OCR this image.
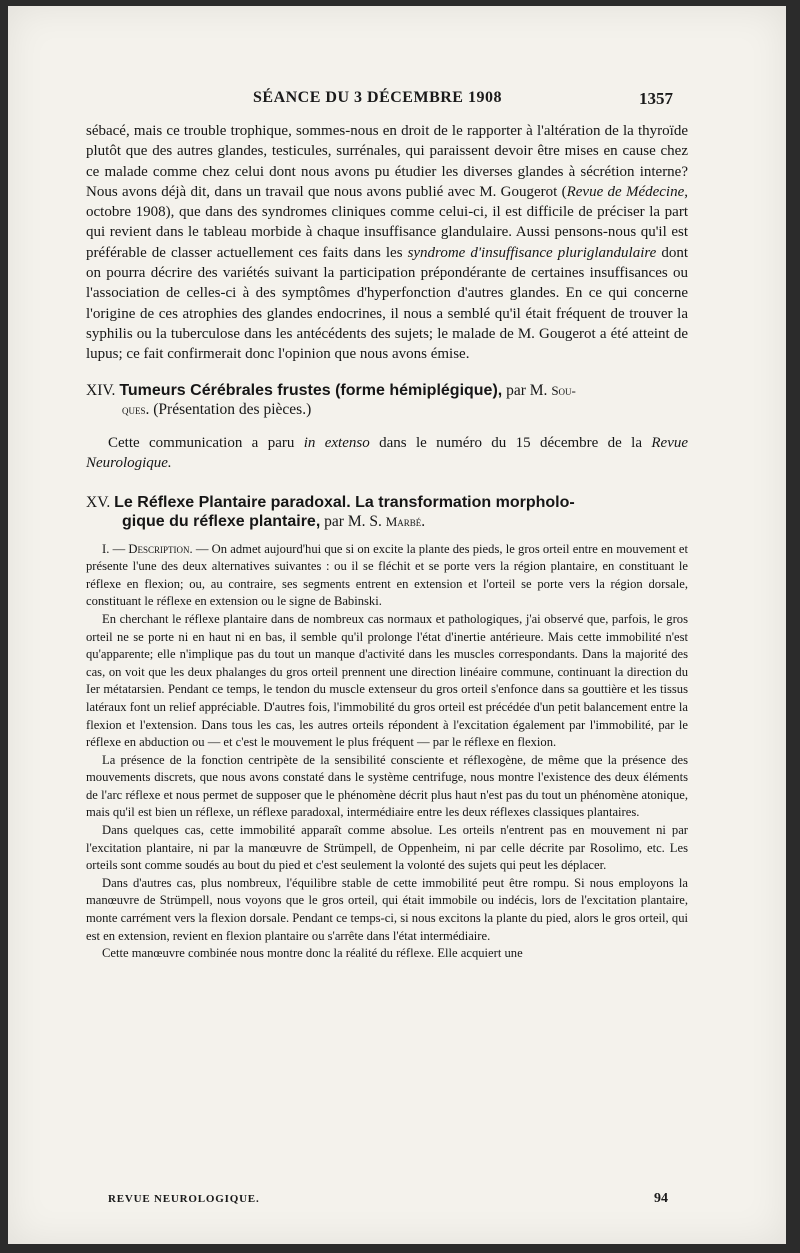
SÉANCE DU 3 DÉCEMBRE 1908	1357

sébacé, mais ce trouble trophique, sommes-nous en droit de le rapporter à l'altération de la thyroïde plutôt que des autres glandes, testicules, surrénales, qui paraissent devoir être mises en cause chez ce malade comme chez celui dont nous avons pu étudier les diverses glandes à sécrétion interne? Nous avons déjà dit, dans un travail que nous avons publié avec M. Gougerot (Revue de Médecine, octobre 1908), que dans des syndromes cliniques comme celui-ci, il est difficile de préciser la part qui revient dans le tableau morbide à chaque insuffisance glandulaire. Aussi pensons-nous qu'il est préférable de classer actuellement ces faits dans les syndrome d'insuffisance pluriglandulaire dont on pourra décrire des variétés suivant la participation prépondérante de certaines insuffisances ou l'association de celles-ci à des symptômes d'hyperfonction d'autres glandes. En ce qui concerne l'origine de ces atrophies des glandes endocrines, il nous a semblé qu'il était fréquent de trouver la syphilis ou la tuberculose dans les antécédents des sujets; le malade de M. Gougerot a été atteint de lupus; ce fait confirmerait donc l'opinion que nous avons émise.

XIV. Tumeurs Cérébrales frustes (forme hémiplégique), par M. Sou-
ques. (Présentation des pièces.)

Cette communication a paru in extenso dans le numéro du 15 décembre de la Revue Neurologique.

XV. Le Réflexe Plantaire paradoxal. La transformation morpholo-
gique du réflexe plantaire, par M. S. Marbé.

I. — Description. — On admet aujourd'hui que si on excite la plante des pieds, le gros orteil entre en mouvement et présente l'une des deux alternatives suivantes : ou il se fléchit et se porte vers la région plantaire, en constituant le réflexe en flexion; ou, au contraire, ses segments entrent en extension et l'orteil se porte vers la région dorsale, constituant le réflexe en extension ou le signe de Babinski.

En cherchant le réflexe plantaire dans de nombreux cas normaux et pathologiques, j'ai observé que, parfois, le gros orteil ne se porte ni en haut ni en bas, il semble qu'il prolonge l'état d'inertie antérieure. Mais cette immobilité n'est qu'apparente; elle n'implique pas du tout un manque d'activité dans les muscles correspondants. Dans la majorité des cas, on voit que les deux phalanges du gros orteil prennent une direction linéaire commune, continuant la direction du Ier métatarsien. Pendant ce temps, le tendon du muscle extenseur du gros orteil s'enfonce dans sa gouttière et les tissus latéraux font un relief appréciable. D'autres fois, l'immobilité du gros orteil est précédée d'un petit balancement entre la flexion et l'extension. Dans tous les cas, les autres orteils répondent à l'excitation également par l'immobilité, par le réflexe en abduction ou — et c'est le mouvement le plus fréquent — par le réflexe en flexion.

La présence de la fonction centripète de la sensibilité consciente et réflexogène, de même que la présence des mouvements discrets, que nous avons constaté dans le système centrifuge, nous montre l'existence des deux éléments de l'arc réflexe et nous permet de supposer que le phénomène décrit plus haut n'est pas du tout un phénomène atonique, mais qu'il est bien un réflexe, un réflexe paradoxal, intermédiaire entre les deux réflexes classiques plantaires.

Dans quelques cas, cette immobilité apparaît comme absolue. Les orteils n'entrent pas en mouvement ni par l'excitation plantaire, ni par la manœuvre de Strümpell, de Oppenheim, ni par celle décrite par Rosolimo, etc. Les orteils sont comme soudés au bout du pied et c'est seulement la volonté des sujets qui peut les déplacer.

Dans d'autres cas, plus nombreux, l'équilibre stable de cette immobilité peut être rompu. Si nous employons la manœuvre de Strümpell, nous voyons que le gros orteil, qui était immobile ou indécis, lors de l'excitation plantaire, monte carrément vers la flexion dorsale. Pendant ce temps-ci, si nous excitons la plante du pied, alors le gros orteil, qui est en extension, revient en flexion plantaire ou s'arrête dans l'état intermédiaire.

Cette manœuvre combinée nous montre donc la réalité du réflexe. Elle acquiert une

REVUE NEUROLOGIQUE.	94
